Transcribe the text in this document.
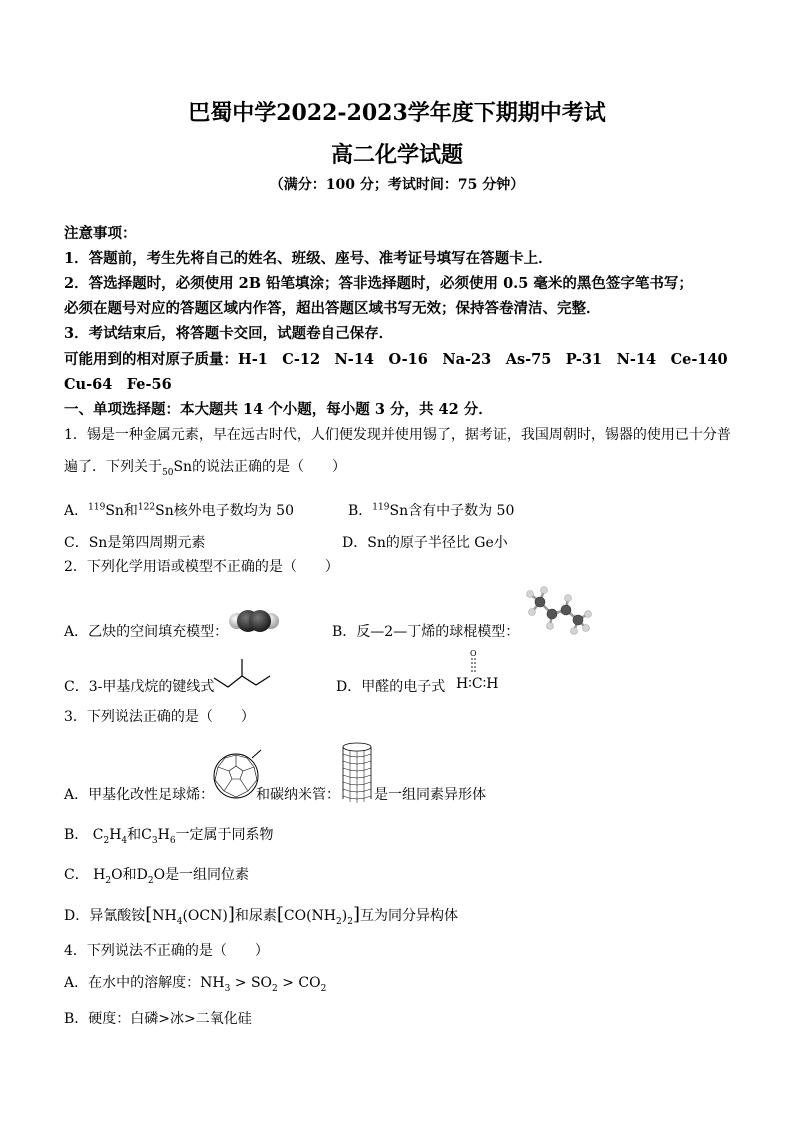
巴蜀中学2022-2023学年度下期期中考试
高二化学试题
（满分：100 分；考试时间：75 分钟）
注意事项：
1．答题前，考生先将自己的姓名、班级、座号、准考证号填写在答题卡上．
2．答选择题时，必须使用 2B 铅笔填涂；答非选择题时，必须使用 0.5 毫米的黑色签字笔书写；
必须在题号对应的答题区域内作答，超出答题区域书写无效；保持答卷清洁、完整．
3．考试结束后，将答题卡交回，试题卷自己保存．
可能用到的相对原子质量：H-1　C-12　N-14　O-16　Na-23　As-75　P-31　N-14　Ce-140
Cu-64　Fe-56
一、单项选择题：本大题共 14 个小题，每小题 3 分，共 42 分．
1．锡是一种金属元素，早在远古时代，人们便发现并使用锡了，据考证，我国周朝时，锡器的使用已十分普
遍了．下列关于$_{50}$Sn的说法正确的是（　　）
A．$^{119}$Sn和$^{122}$Sn核外电子数均为 50	B．$^{119}$Sn含有中子数为 50
C．Sn是第四周期元素	D．Sn的原子半径比 Ge小
2．下列化学用语或模型不正确的是（　　）
A．乙炔的空间填充模型：	B．反—2—丁烯的球棍模型：
C．3-甲基戊烷的键线式	D．甲醛的电子式 H∶C∶H
O
3．下列说法正确的是（　　）
A．甲基化改性足球烯：	和碳纳米管： 是一组同素异形体
B． $C_2H_4$和$C_3H_6$一定属于同系物
C． $H_2O$和$D_2O$是一组同位素
D．异氰酸铵$[NH_4(OCN)]$和尿素$[CO(NH_2)_2]$互为同分异构体
4．下列说法不正确的是（　　）
A．在水中的溶解度：$NH_3 > SO_2 > CO_2$
B．硬度：白磷>冰>二氧化硅
